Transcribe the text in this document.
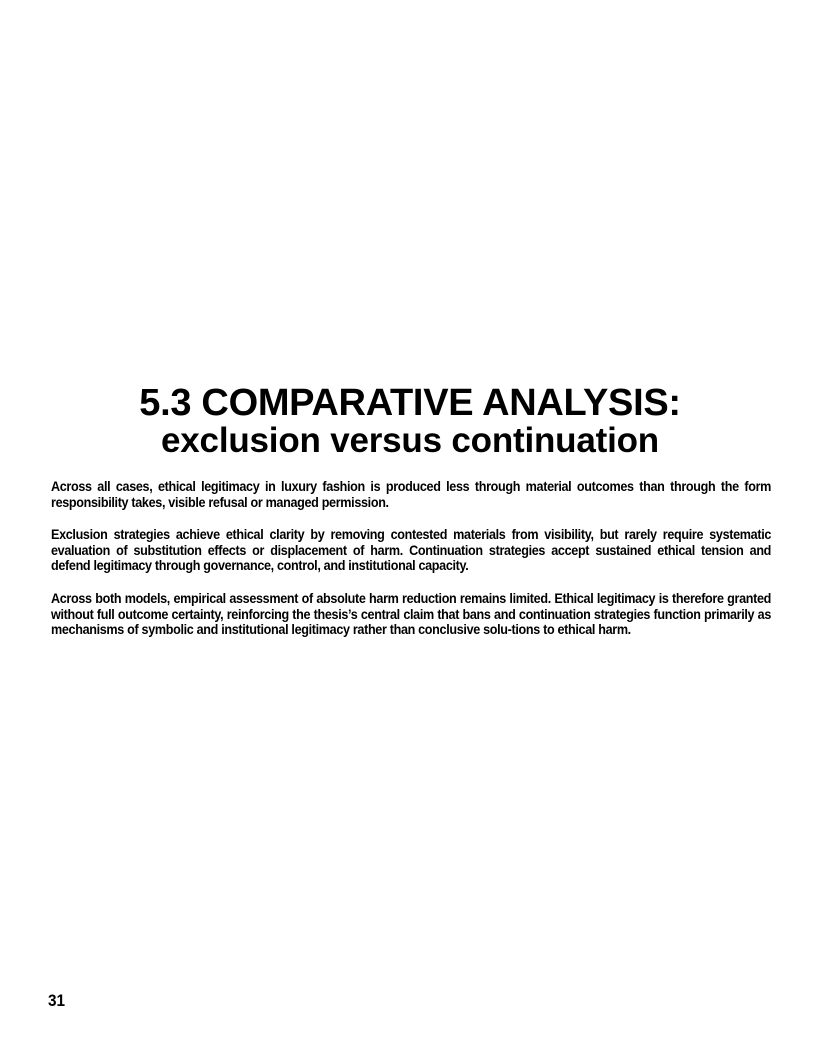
5.3 COMPARATIVE ANALYSIS:
exclusion versus continuation

Across all cases, ethical legitimacy in luxury fashion is produced less through material outcomes than through the form responsibility takes, visible refusal or managed permission.

Exclusion strategies achieve ethical clarity by removing contested materials from visibility, but rarely require systematic evaluation of substitution effects or displacement of harm. Continuation strategies accept sustained ethical tension and defend legitimacy through governance, control, and institutional capacity.

Across both models, empirical assessment of absolute harm reduction remains limited. Ethical legitimacy is therefore granted without full outcome certainty, reinforcing the thesis’s central claim that bans and continuation strategies function primarily as mechanisms of symbolic and institutional legitimacy rather than conclusive solu-tions to ethical harm.

31
